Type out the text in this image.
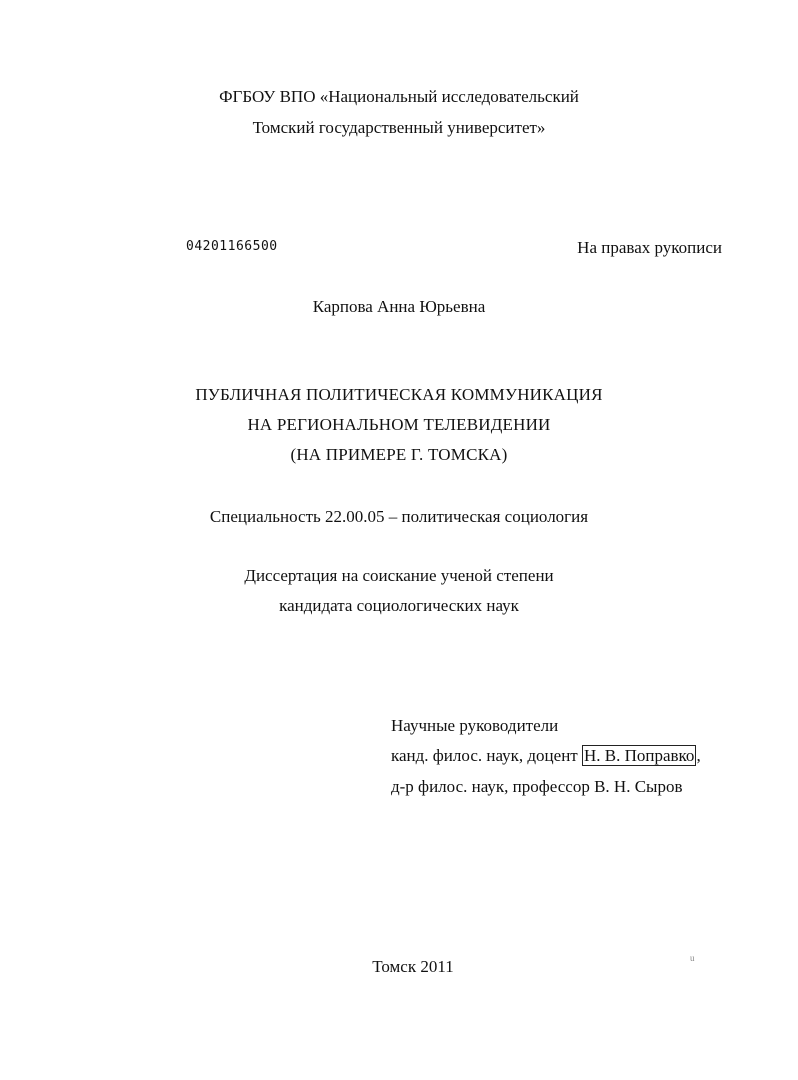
ФГБОУ ВПО «Национальный исследовательский
Томский государственный университет»
04201166500	На правах рукописи
Карпова Анна Юрьевна
ПУБЛИЧНАЯ ПОЛИТИЧЕСКАЯ КОММУНИКАЦИЯ
НА РЕГИОНАЛЬНОМ ТЕЛЕВИДЕНИИ
(НА ПРИМЕРЕ Г. ТОМСКА)
Специальность 22.00.05 – политическая социология
Диссертация на соискание ученой степени
кандидата социологических наук
Научные руководители
канд. филос. наук, доцент Н. В. Поправко ,
д-р филос. наук, профессор В. Н. Сыров
u
Томск 2011
